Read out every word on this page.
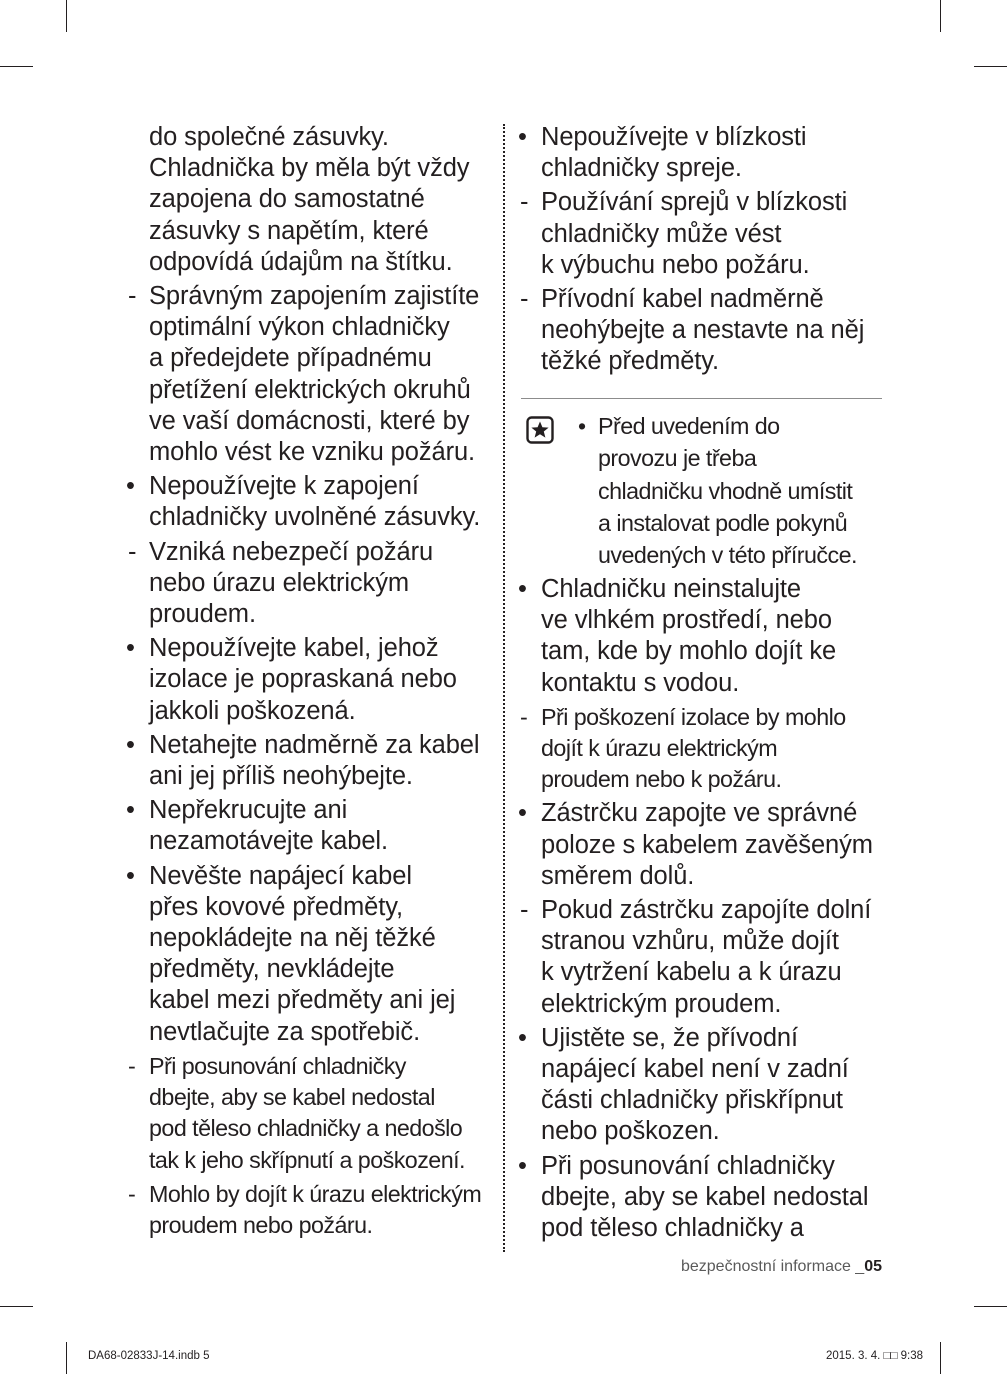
do společné zásuvky.
Chladnička by měla být vždy
zapojena do samostatné
zásuvky s napětím, které
odpovídá údajům na štítku.
- Správným zapojením zajistíte
optimální výkon chladničky
a předejdete případnému
přetížení elektrických okruhů
ve vaší domácnosti, které by
mohlo vést ke vzniku požáru.
• Nepoužívejte k zapojení
chladničky uvolněné zásuvky.
- Vzniká nebezpečí požáru
nebo úrazu elektrickým
proudem.
• Nepoužívejte kabel, jehož
izolace je popraskaná nebo
jakkoli poškozená.
• Netahejte nadměrně za kabel
ani jej příliš neohýbejte.
• Nepřekrucujte ani
nezamotávejte kabel.
• Nevěšte napájecí kabel
přes kovové předměty,
nepokládejte na něj těžké
předměty, nevkládejte
kabel mezi předměty ani jej
nevtlačujte za spotřebič.
- Při posunování chladničky
dbejte, aby se kabel nedostal
pod těleso chladničky a nedošlo
tak k jeho skřípnutí a poškození.
- Mohlo by dojít k úrazu elektrickým
proudem nebo požáru.
• Nepoužívejte v blízkosti
chladničky spreje.
- Používání sprejů v blízkosti
chladničky může vést
k výbuchu nebo požáru.
- Přívodní kabel nadměrně
neohýbejte a nestavte na něj
těžké předměty.
• Před uvedením do
provozu je třeba
chladničku vhodně umístit
a instalovat podle pokynů
uvedených v této příručce.
• Chladničku neinstalujte
ve vlhkém prostředí, nebo
tam, kde by mohlo dojít ke
kontaktu s vodou.
- Při poškození izolace by mohlo
dojít k úrazu elektrickým
proudem nebo k požáru.
• Zástrčku zapojte ve správné
poloze s kabelem zavěšeným
směrem dolů.
- Pokud zástrčku zapojíte dolní
stranou vzhůru, může dojít
k vytržení kabelu a k úrazu
elektrickým proudem.
• Ujistěte se, že přívodní
napájecí kabel není v zadní
části chladničky přiskřípnut
nebo poškozen.
• Při posunování chladničky
dbejte, aby se kabel nedostal
pod těleso chladničky a
bezpečnostní informace _05
DA68-02833J-14.indb 5	2015. 3. 4. □□ 9:38
